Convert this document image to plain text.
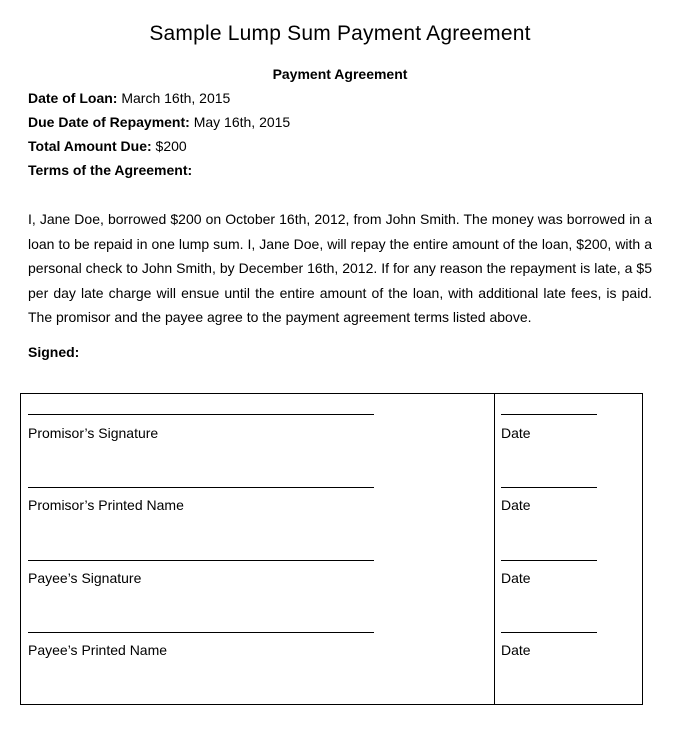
Sample Lump Sum Payment Agreement
Payment Agreement
Date of Loan: March 16th, 2015
Due Date of Repayment: May 16th, 2015
Total Amount Due: $200
Terms of the Agreement:
I, Jane Doe, borrowed $200 on October 16th, 2012, from John Smith. The money was borrowed in a
loan to be repaid in one lump sum. I, Jane Doe, will repay the entire amount of the loan, $200, with a
personal check to John Smith, by December 16th, 2012. If for any reason the repayment is late, a $5
per day late charge will ensue until the entire amount of the loan, with additional late fees, is paid.
The promisor and the payee agree to the payment agreement terms listed above.
Signed:
Promisor’s Signature	Date
Promisor’s Printed Name	Date
Payee’s Signature	Date
Payee’s Printed Name	Date
